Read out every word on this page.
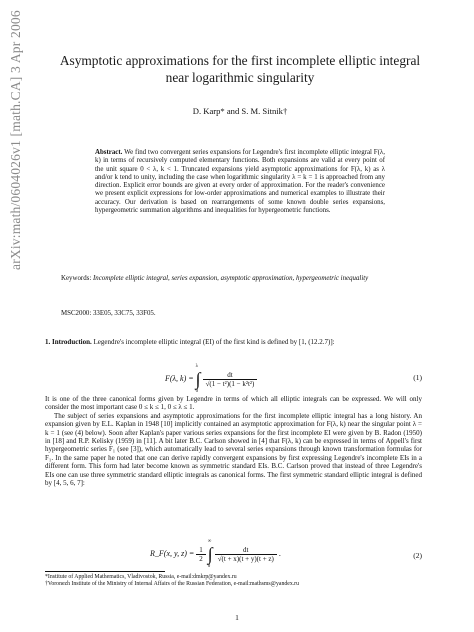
arXiv:math/0604026v1 [math.CA] 3 Apr 2006	Asymptotic approximations for the first incomplete elliptic integral
near logarithmic singularity
D. Karp* and S. M. Sitnik†
Abstract. We find two convergent series expansions for Legendre's first incomplete elliptic integral F(λ, k) in terms of recursively computed elementary functions. Both expansions are valid at every point of the unit square 0 < λ, k < 1. Truncated expansions yield asymptotic approximations for F(λ, k) as λ and/or k tend to unity, including the case when logarithmic singularity λ = k = 1 is approached from any direction. Explicit error bounds are given at every order of approximation. For the reader's convenience we present explicit expressions for low-order approximations and numerical examples to illustrate their accuracy. Our derivation is based on rearrangements of some known double series expansions, hypergeometric summation algorithms and inequalities for hypergeometric functions.
Keywords: Incomplete elliptic integral, series expansion, asymptotic approximation, hypergeometric inequality
MSC2000: 33E05, 33C75, 33F05.
1. Introduction. Legendre's incomplete elliptic integral (EI) of the first kind is defined by [1, (12.2.7)]:
F(λ, k) =
λ
∫
0

$\frac{dt}{\text{√(1 − t²)(1 − k²t²)}}$	(1)

It is one of the three canonical forms given by Legendre in terms of which all elliptic integrals can be expressed. We will only consider the most important case 0 ≤ k ≤ 1, 0 ≤ λ ≤ 1.

The subject of series expansions and asymptotic approximations for the first incomplete elliptic integral has a long history. An expansion given by E.L. Kaplan in 1948 [10] implicitly contained an asymptotic approximation for F(λ, k) near the singular point λ = k = 1 (see (4) below). Soon after Kaplan's paper various series expansions for the first incomplete EI were given by B. Radon (1950) in [18] and R.P. Kelisky (1959) in [11]. A bit later B.C. Carlson showed in [4] that F(λ, k) can be expressed in terms of Appell's first hypergeometric series F₁ (see [3]), which automatically lead to several series expansions through known transformation formulas for F₁. In the same paper he noted that one can derive rapidly convergent expansions by first expressing Legendre's incomplete EIs in a different form. This form had later become known as symmetric standard EIs. B.C. Carlson proved that instead of three Legendre's EIs one can use three symmetric standard elliptic integrals as canonical forms. The first symmetric standard elliptic integral is defined by [4, 5, 6, 7]:

R_F(x, y, $z) = \frac{1}{2}$

∞
∫
0

$\frac{dt}{√(t + x)(t + y)(t + z)}$ .	(2)
*Institute of Applied Mathematics, Vladivostok, Russia, e-mail:dmkrp@yandex.ru
†Voronezh Institute of the Ministry of Internal Affairs of the Russian Federation, e-mail:mathsms@yandex.ru
1
